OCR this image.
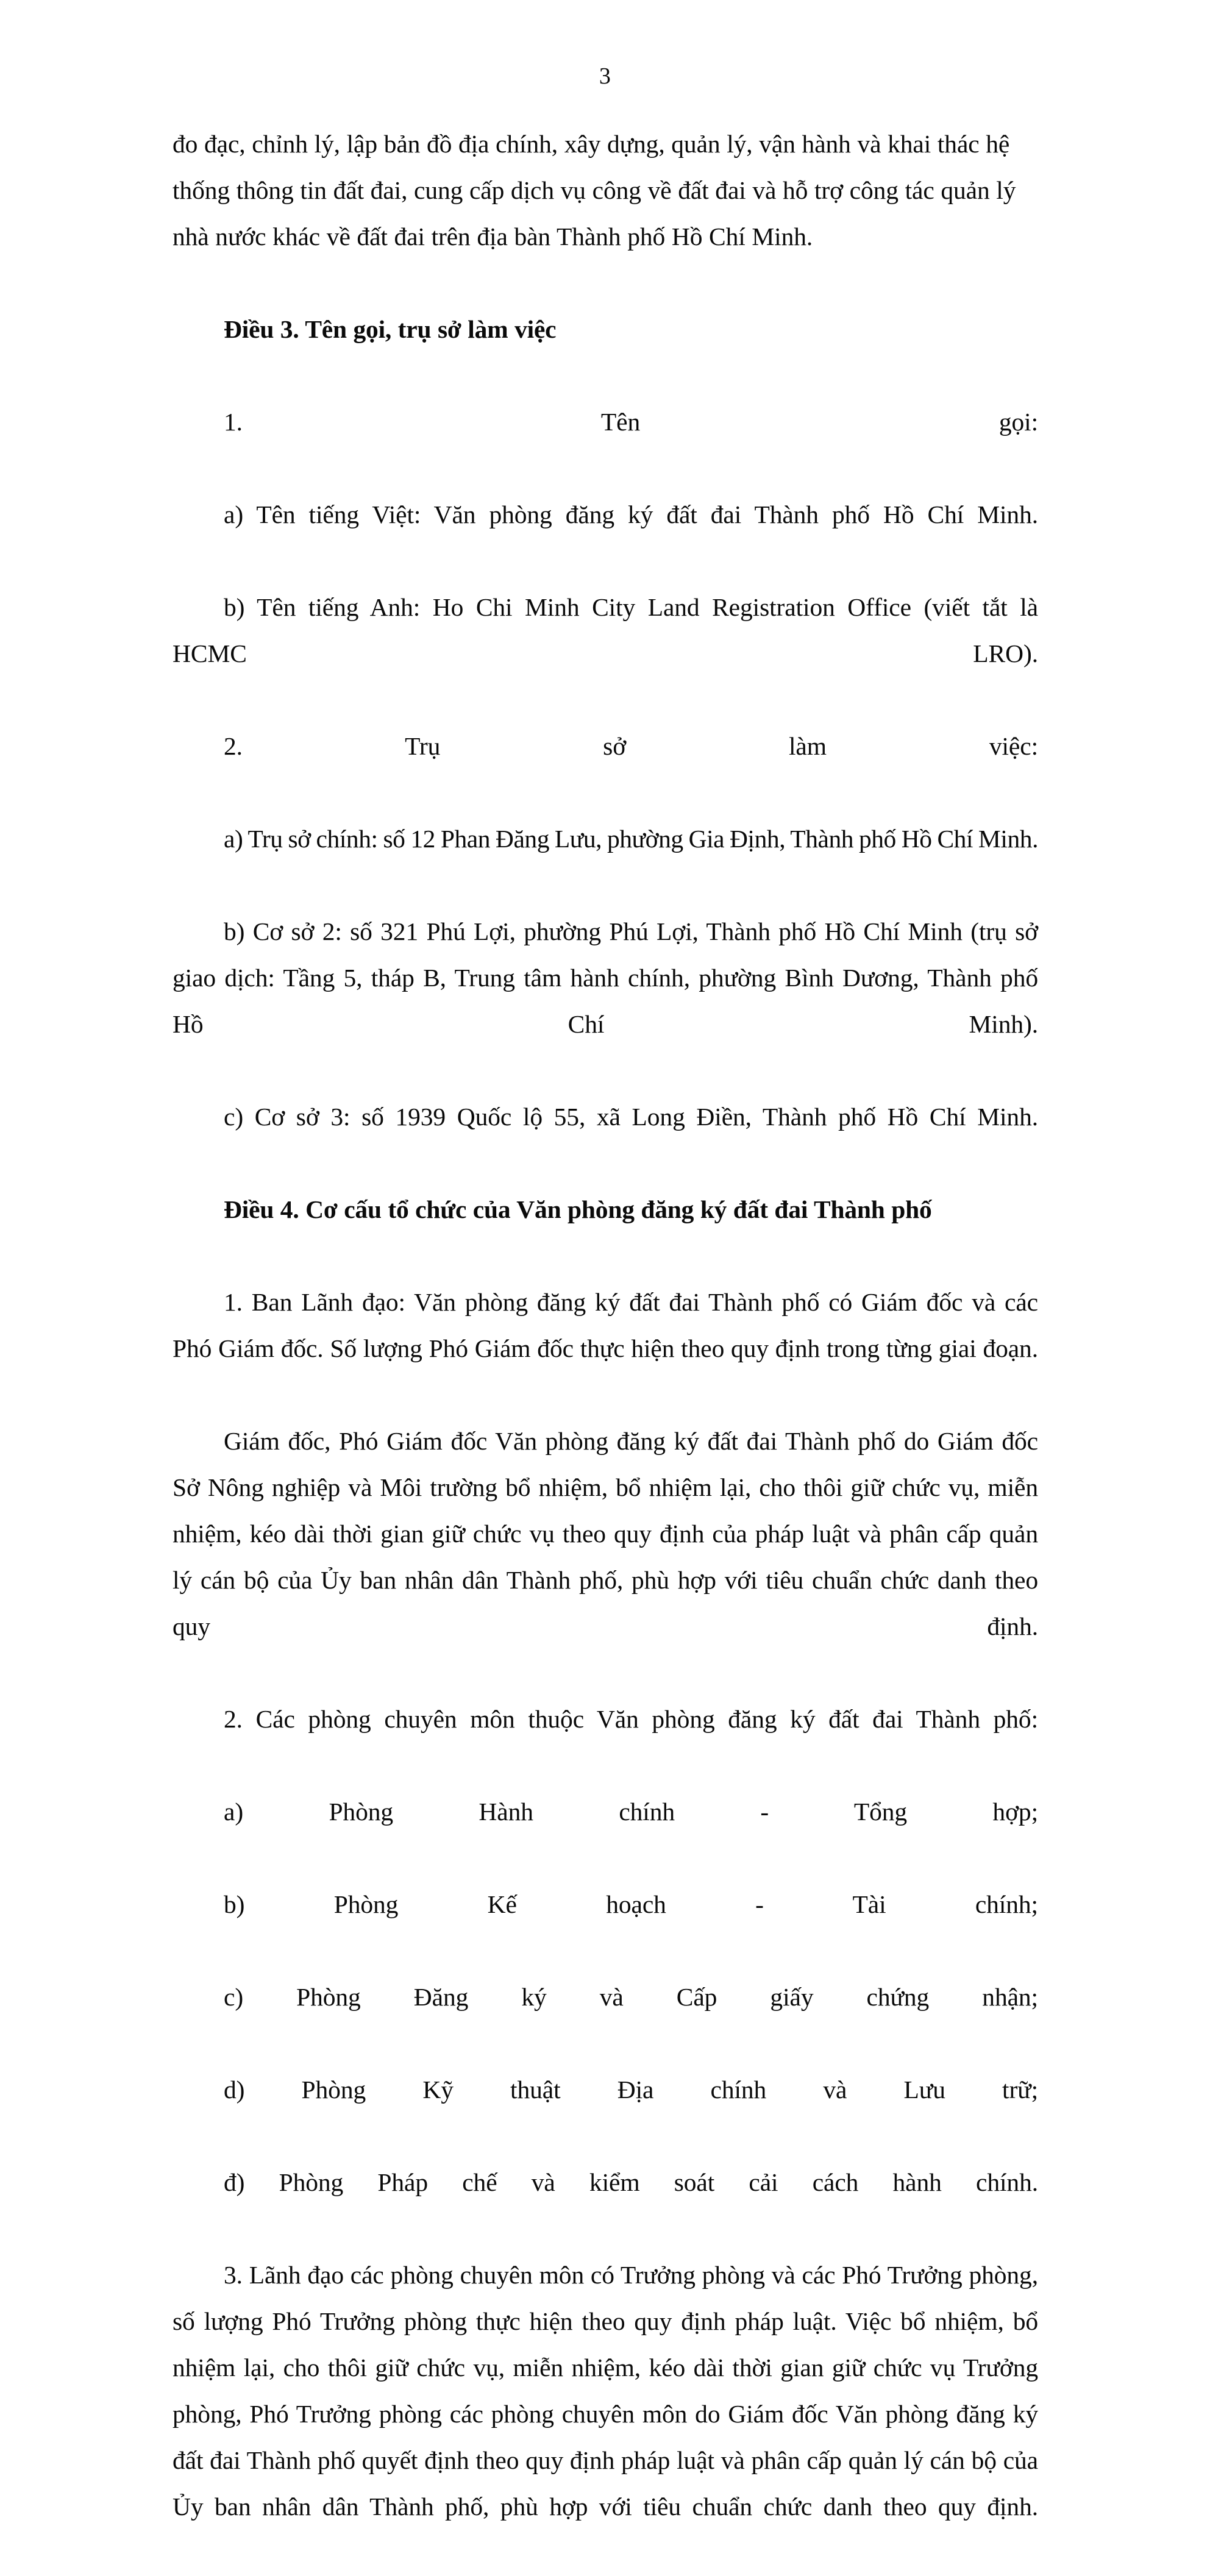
3

đo đạc, chỉnh lý, lập bản đồ địa chính, xây dựng, quản lý, vận hành và khai thác hệ thống thông tin đất đai, cung cấp dịch vụ công về đất đai và hỗ trợ công tác quản lý nhà nước khác về đất đai trên địa bàn Thành phố Hồ Chí Minh.

Điều 3. Tên gọi, trụ sở làm việc

1. Tên gọi:

a) Tên tiếng Việt: Văn phòng đăng ký đất đai Thành phố Hồ Chí Minh.

b) Tên tiếng Anh: Ho Chi Minh City Land Registration Office (viết tắt là HCMC LRO).

2. Trụ sở làm việc:

a) Trụ sở chính: số 12 Phan Đăng Lưu, phường Gia Định, Thành phố Hồ Chí Minh.

b) Cơ sở 2: số 321 Phú Lợi, phường Phú Lợi, Thành phố Hồ Chí Minh (trụ sở giao dịch: Tầng 5, tháp B, Trung tâm hành chính, phường Bình Dương, Thành phố Hồ Chí Minh).

c) Cơ sở 3: số 1939 Quốc lộ 55, xã Long Điền, Thành phố Hồ Chí Minh.

Điều 4. Cơ cấu tổ chức của Văn phòng đăng ký đất đai Thành phố

1. Ban Lãnh đạo: Văn phòng đăng ký đất đai Thành phố có Giám đốc và các Phó Giám đốc. Số lượng Phó Giám đốc thực hiện theo quy định trong từng giai đoạn.

Giám đốc, Phó Giám đốc Văn phòng đăng ký đất đai Thành phố do Giám đốc Sở Nông nghiệp và Môi trường bổ nhiệm, bổ nhiệm lại, cho thôi giữ chức vụ, miễn nhiệm, kéo dài thời gian giữ chức vụ theo quy định của pháp luật và phân cấp quản lý cán bộ của Ủy ban nhân dân Thành phố, phù hợp với tiêu chuẩn chức danh theo quy định.

2. Các phòng chuyên môn thuộc Văn phòng đăng ký đất đai Thành phố:

a) Phòng Hành chính - Tổng hợp;

b) Phòng Kế hoạch - Tài chính;

c) Phòng Đăng ký và Cấp giấy chứng nhận;

d) Phòng Kỹ thuật Địa chính và Lưu trữ;

đ) Phòng Pháp chế và kiểm soát cải cách hành chính.

3. Lãnh đạo các phòng chuyên môn có Trưởng phòng và các Phó Trưởng phòng, số lượng Phó Trưởng phòng thực hiện theo quy định pháp luật. Việc bổ nhiệm, bổ nhiệm lại, cho thôi giữ chức vụ, miễn nhiệm, kéo dài thời gian giữ chức vụ Trưởng phòng, Phó Trưởng phòng các phòng chuyên môn do Giám đốc Văn phòng đăng ký đất đai Thành phố quyết định theo quy định pháp luật và phân cấp quản lý cán bộ của Ủy ban nhân dân Thành phố, phù hợp với tiêu chuẩn chức danh theo quy định.
